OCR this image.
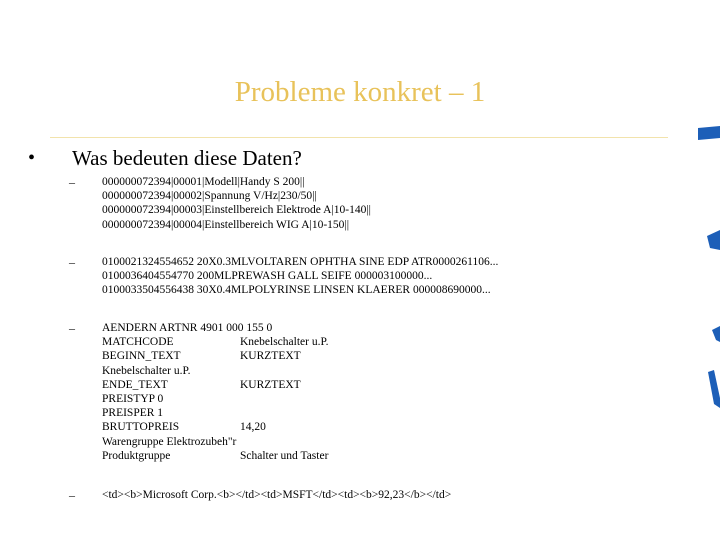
Probleme konkret – 1
• Was bedeuten diese Daten?
– 000000072394|00001|Modell|Handy S 200||
000000072394|00002|Spannung V/Hz|230/50||
000000072394|00003|Einstellbereich Elektrode A|10-140||
000000072394|00004|Einstellbereich WIG A|10-150||
– 0100021324554652 20X0.3MLVOLTAREN OPHTHA SINE EDP ATR0000261106...
0100036404554770 200MLPREWASH GALL SEIFE 000003100000...
0100033504556438 30X0.4MLPOLYRINSE LINSEN KLAERER 000008690000...
– AENDERN ARTNR 4901 000 155 0
MATCHCODE	Knebelschalter u.P.
BEGINN_TEXT	KURZTEXT
Knebelschalter u.P.
ENDE_TEXT	KURZTEXT
PREISTYP 0
PREISPER 1
BRUTTOPREIS	14,20
Warengruppe Elektrozubeh"r
Produktgruppe	Schalter und Taster
– <td><b>Microsoft Corp.<b></td><td>MSFT</td><td><b>92,23</b></td>
